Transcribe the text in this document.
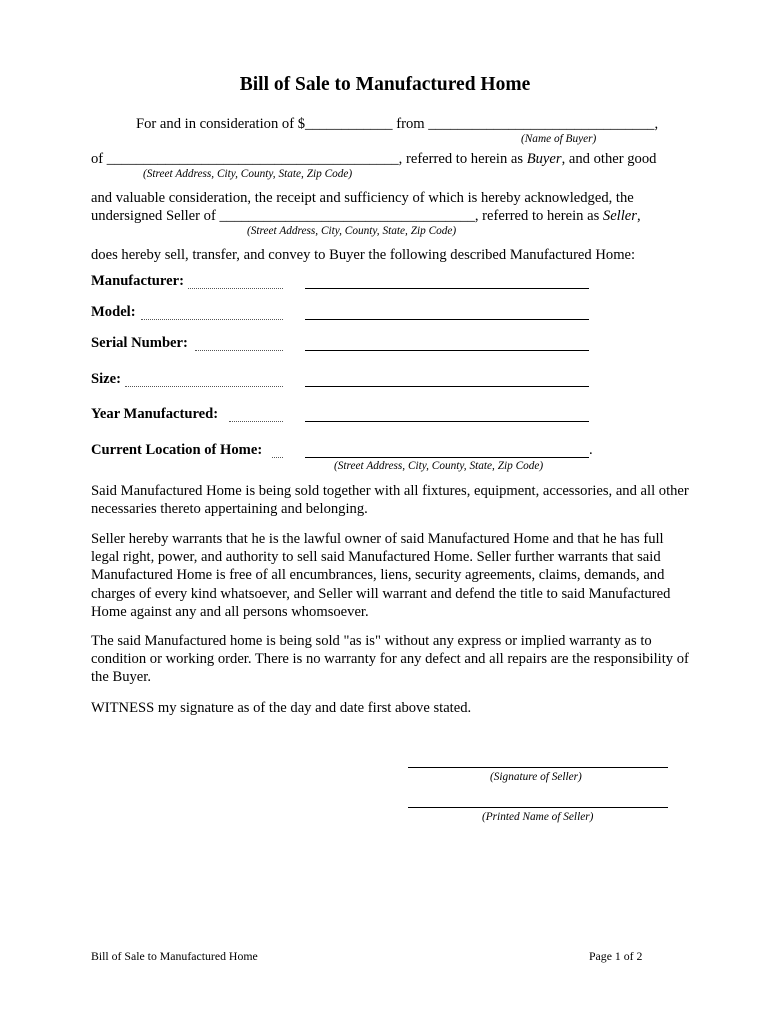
Bill of Sale to Manufactured Home
For and in consideration of $____________ from _______________________________,
(Name of Buyer)
of ________________________________________, referred to herein as Buyer, and other good
(Street Address, City, County, State, Zip Code)
and valuable consideration, the receipt and sufficiency of which is hereby acknowledged, the
undersigned Seller of ___________________________________, referred to herein as Seller,
(Street Address, City, County, State, Zip Code)
does hereby sell, transfer, and convey to Buyer the following described Manufactured Home:
Manufacturer:
Model:
Serial Number:
Size:
Year Manufactured:
Current Location of Home:	.
(Street Address, City, County, State, Zip Code)
Said Manufactured Home is being sold together with all fixtures, equipment, accessories, and all other necessaries thereto appertaining and belonging.
Seller hereby warrants that he is the lawful owner of said Manufactured Home and that he has full legal right, power, and authority to sell said Manufactured Home. Seller further warrants that said Manufactured Home is free of all encumbrances, liens, security agreements, claims, demands, and charges of every kind whatsoever, and Seller will warrant and defend the title to said Manufactured Home against any and all persons whomsoever.
The said Manufactured home is being sold "as is" without any express or implied warranty as to condition or working order. There is no warranty for any defect and all repairs are the responsibility of the Buyer.
WITNESS my signature as of the day and date first above stated.
(Signature of Seller)
(Printed Name of Seller)
Bill of Sale to Manufactured Home	Page 1 of 2
